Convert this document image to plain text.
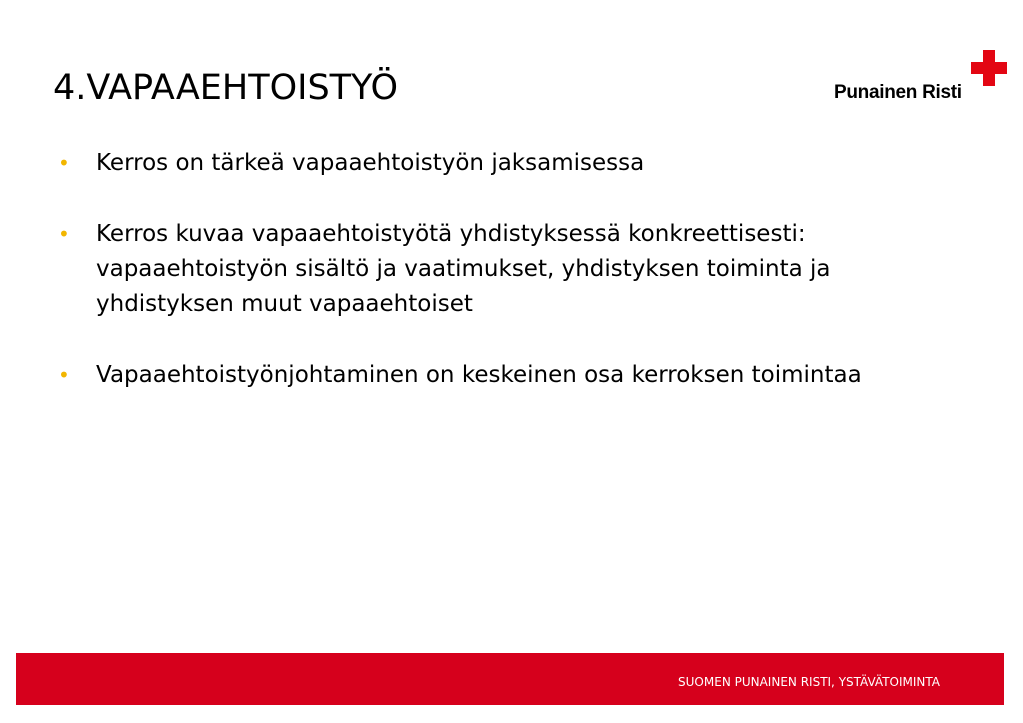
4.VAPAAEHTOISTYÖ	Punainen Risti
•	Kerros on tärkeä vapaaehtoistyön jaksamisessa
•	Kerros kuvaa vapaaehtoistyötä yhdistyksessä konkreettisesti: vapaaehtoistyön sisältö ja vaatimukset, yhdistyksen toiminta ja yhdistyksen muut vapaaehtoiset
•	Vapaaehtoistyönjohtaminen on keskeinen osa kerroksen toimintaa
SUOMEN PUNAINEN RISTI, YSTÄVÄTOIMINTA
